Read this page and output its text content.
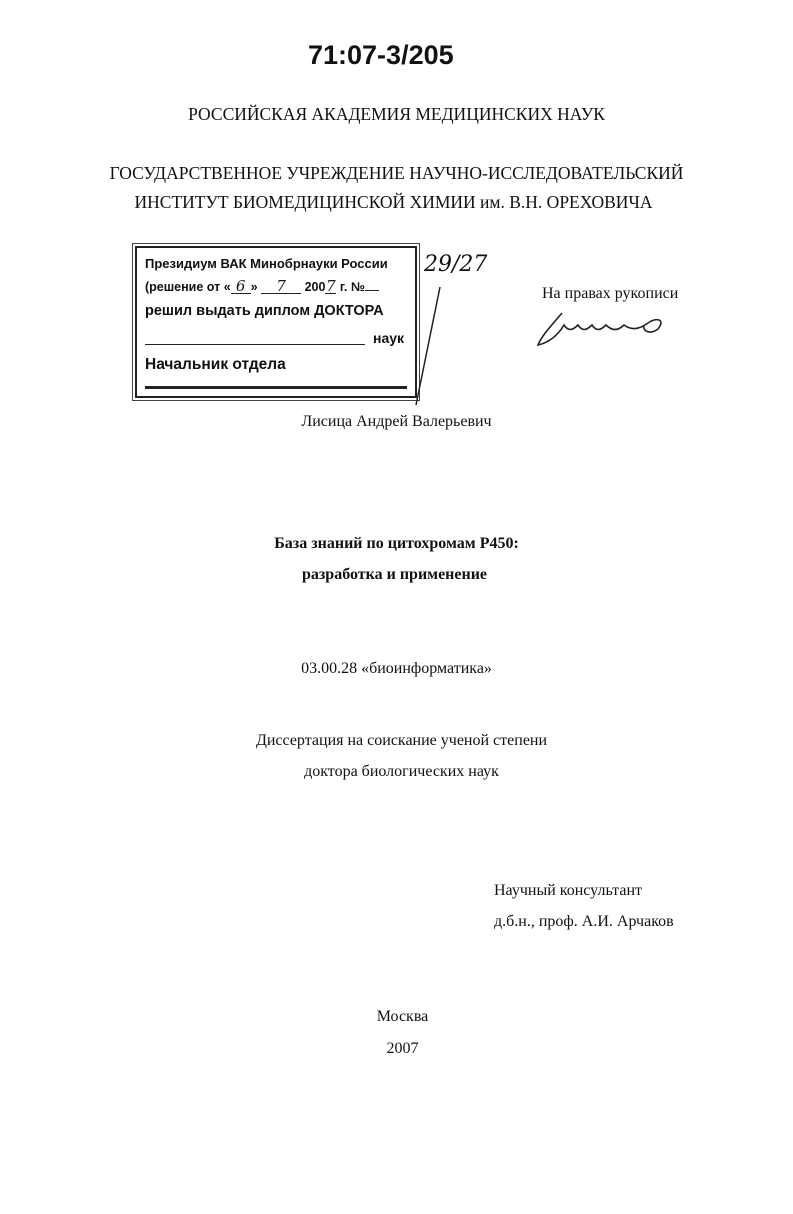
71:07-3/205
РОССИЙСКАЯ АКАДЕМИЯ МЕДИЦИНСКИХ НАУК
ГОСУДАРСТВЕННОЕ УЧРЕЖДЕНИЕ НАУЧНО-ИССЛЕДОВАТЕЛЬСКИЙ
ИНСТИТУТ БИОМЕДИЦИНСКОЙ ХИМИИ им. В.Н. ОРЕХОВИЧА
Президиум ВАК Минобрнауки России
(решение от « 6 » 7 2007 г. №
решил выдать диплом ДОКТОРА
наук
Начальник отдела
29/27
На правах рукописи
Лисица Андрей Валерьевич
База знаний по цитохромам P450:
разработка и применение
03.00.28 «биоинформатика»
Диссертация на соискание ученой степени
доктора биологических наук
Научный консультант
д.б.н., проф. А.И. Арчаков
Москва
2007
